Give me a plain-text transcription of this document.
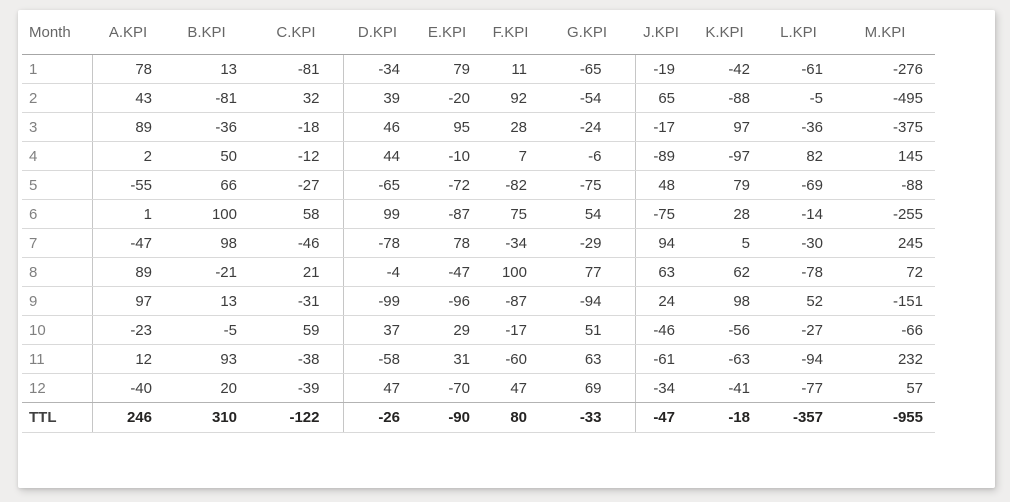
Month	A.KPI	B.KPI	C.KPI	D.KPI	E.KPI	F.KPI	G.KPI	J.KPI	K.KPI	L.KPI	M.KPI
1	78	13	-81	-34	79	11	-65	-19	-42	-61	-276
2	43	-81	32	39	-20	92	-54	65	-88	-5	-495
3	89	-36	-18	46	95	28	-24	-17	97	-36	-375
4	2	50	-12	44	-10	7	-6	-89	-97	82	145
5	-55	66	-27	-65	-72	-82	-75	48	79	-69	-88
6	1	100	58	99	-87	75	54	-75	28	-14	-255
7	-47	98	-46	-78	78	-34	-29	94	5	-30	245
8	89	-21	21	-4	-47	100	77	63	62	-78	72
9	97	13	-31	-99	-96	-87	-94	24	98	52	-151
10	-23	-5	59	37	29	-17	51	-46	-56	-27	-66
11	12	93	-38	-58	31	-60	63	-61	-63	-94	232
12	-40	20	-39	47	-70	47	69	-34	-41	-77	57
TTL	246	310	-122	-26	-90	80	-33	-47	-18	-357	-955
